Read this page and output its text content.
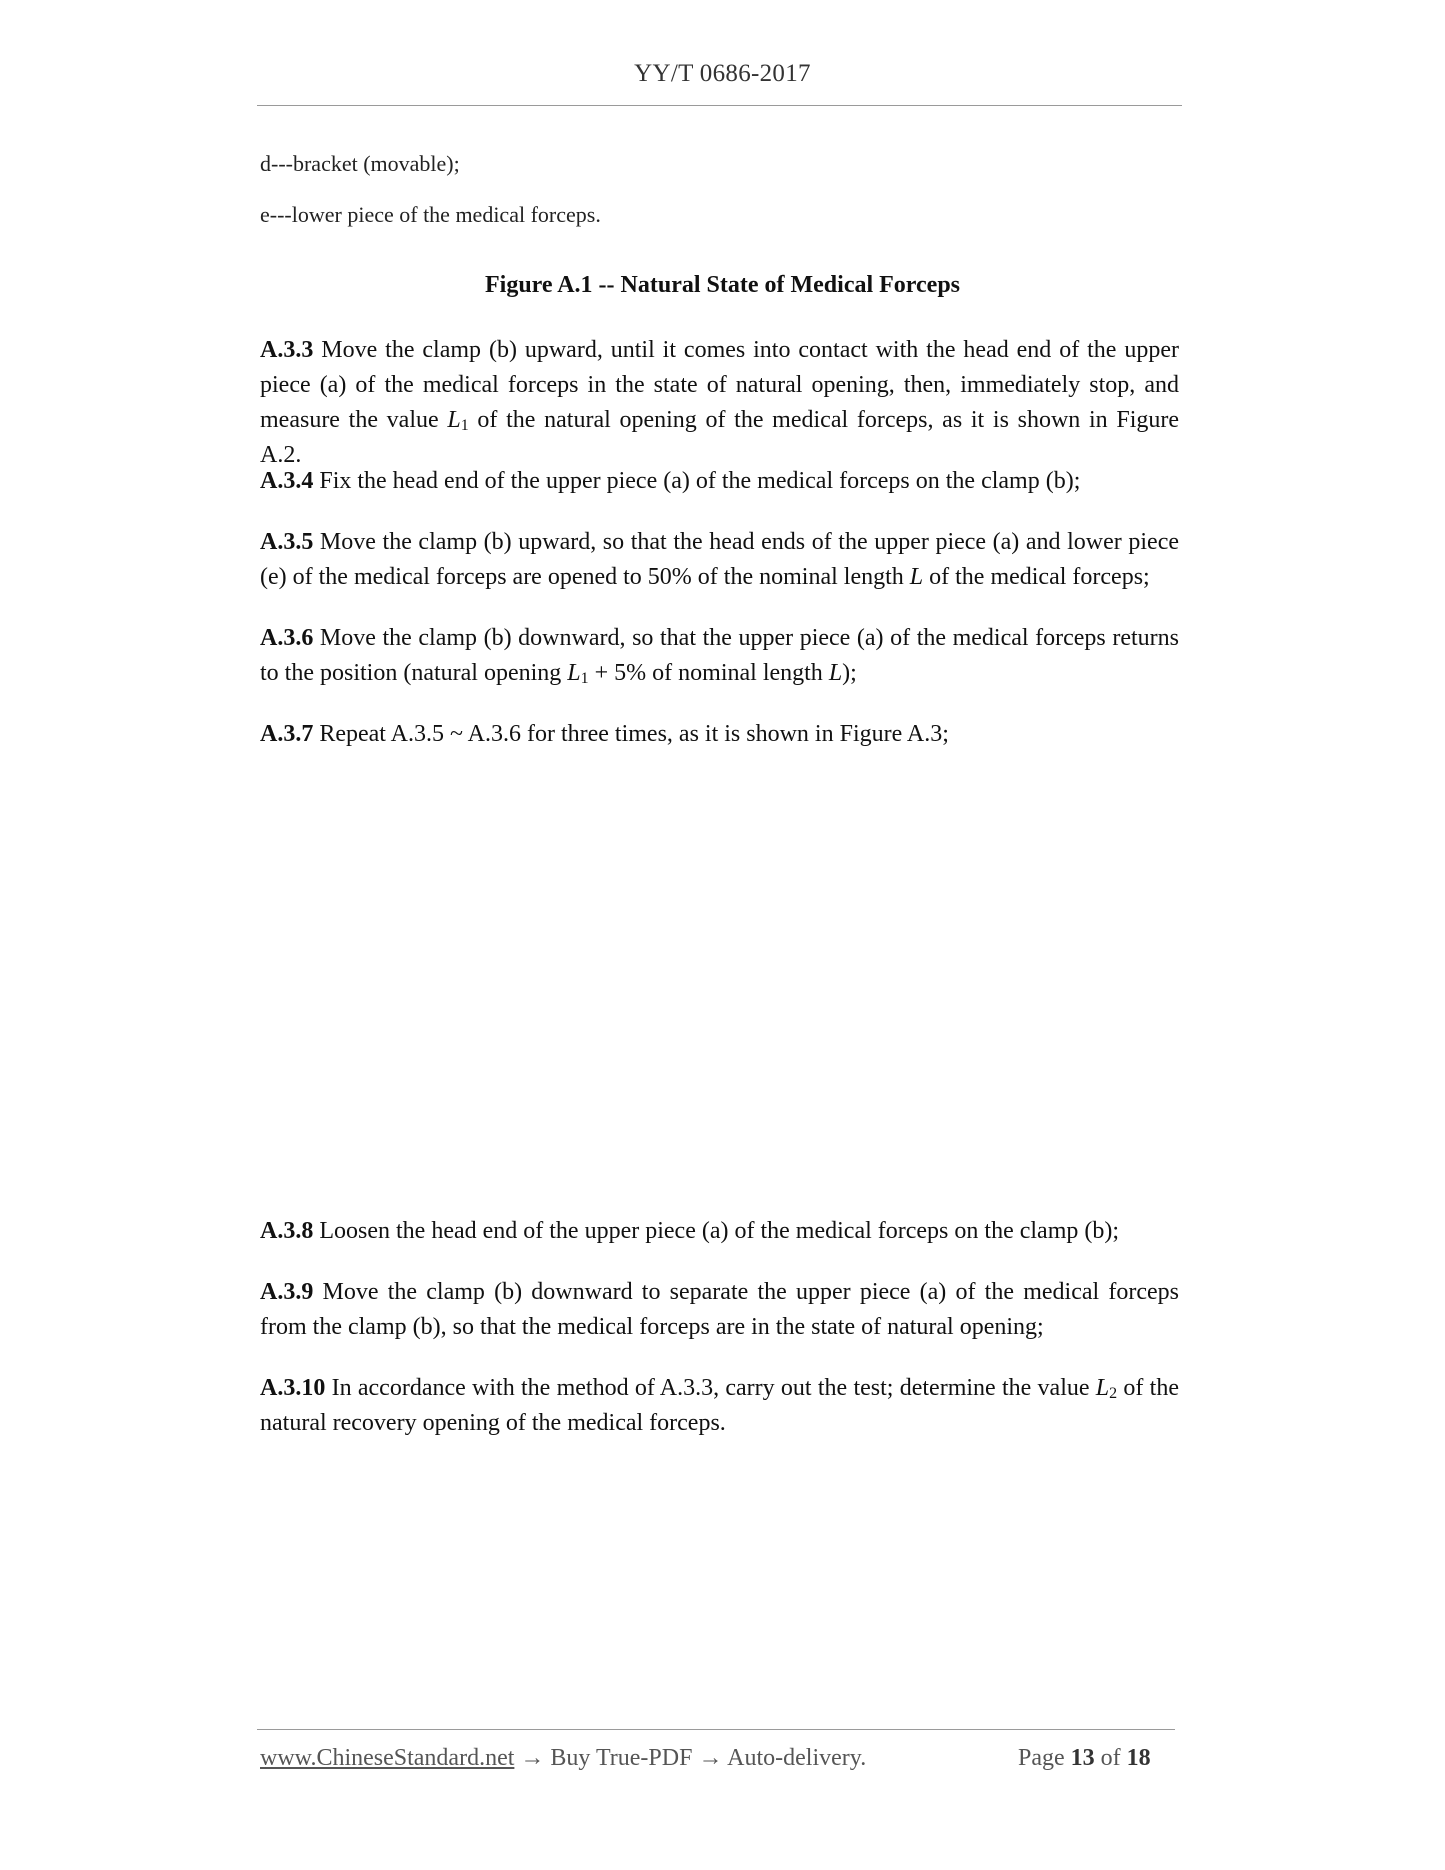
YY/T 0686-2017
d---bracket (movable);
e---lower piece of the medical forceps.
Figure A.1 -- Natural State of Medical Forceps
A.3.3 Move the clamp (b) upward, until it comes into contact with the head end of the upper piece (a) of the medical forceps in the state of natural opening, then, immediately stop, and measure the value $L_1$ of the natural opening of the medical forceps, as it is shown in Figure A.2.
A.3.4 Fix the head end of the upper piece (a) of the medical forceps on the clamp (b);
A.3.5 Move the clamp (b) upward, so that the head ends of the upper piece (a) and lower piece (e) of the medical forceps are opened to 50% of the nominal length L of the medical forceps;
A.3.6 Move the clamp (b) downward, so that the upper piece (a) of the medical forceps returns to the position (natural opening $L_1 + 5\%$ of nominal length L);
A.3.7 Repeat A.3.5 ~ A.3.6 for three times, as it is shown in Figure A.3;
A.3.8 Loosen the head end of the upper piece (a) of the medical forceps on the clamp (b);
A.3.9 Move the clamp (b) downward to separate the upper piece (a) of the medical forceps from the clamp (b), so that the medical forceps are in the state of natural opening;
A.3.10 In accordance with the method of A.3.3, carry out the test; determine the value $L_2$ of the natural recovery opening of the medical forceps.
www.ChineseStandard.net → Buy True-PDF → Auto-delivery.	Page 13 of 18
